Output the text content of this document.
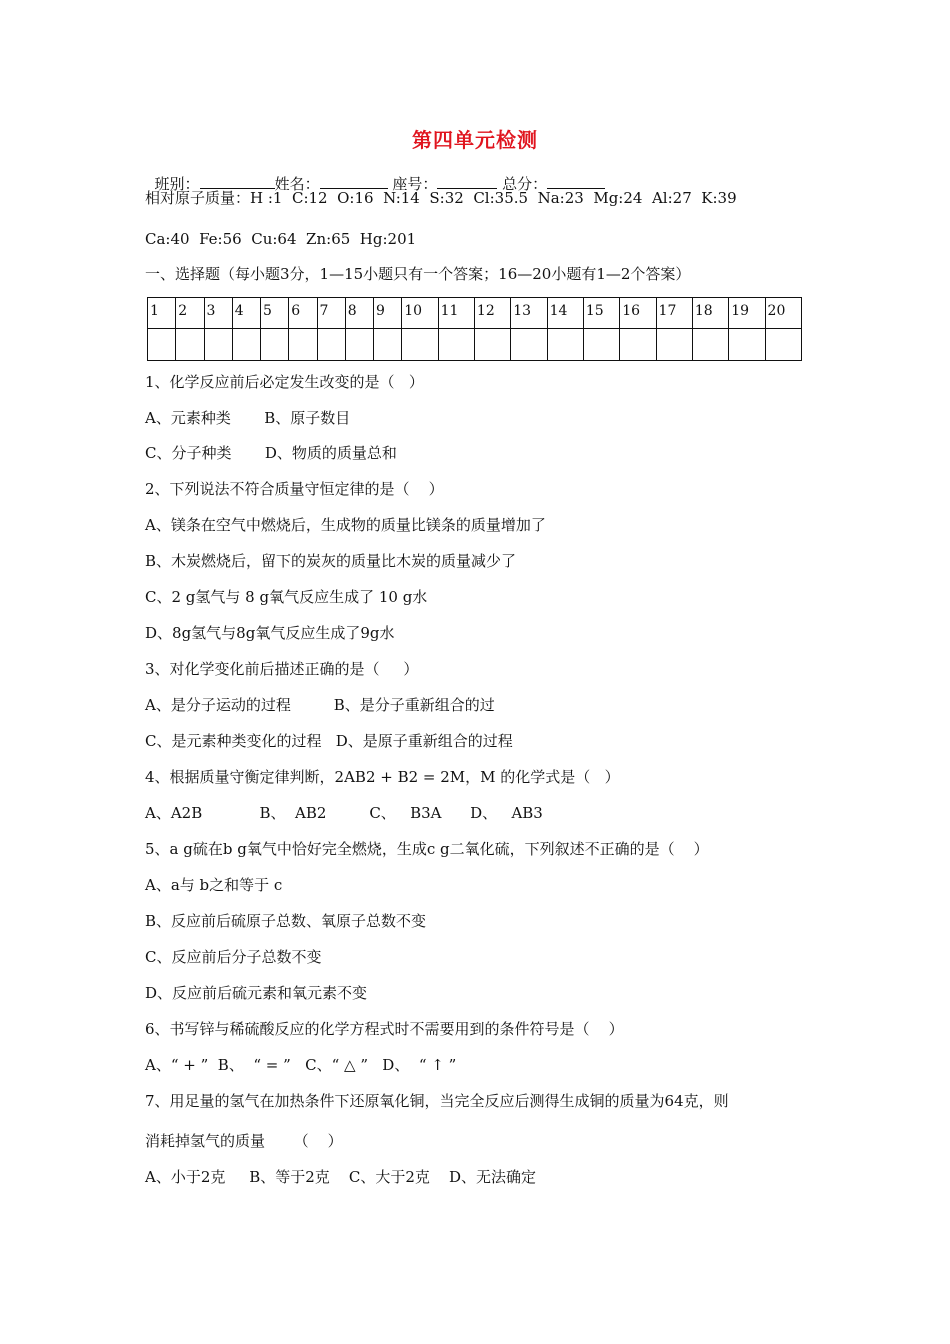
第四单元检测

班别：	姓名：	座号：	总分：

相对原子质量：H :1  C:12  O:16  N:14  S:32  Cl:35.5  Na:23  Mg:24  Al:27  K:39
Ca:40  Fe:56  Cu:64  Zn:65  Hg:201
一、选择题（每小题3分，1—15小题只有一个答案；16—20小题有1—2个答案）
1	2	3	4	5	6	7	8	9	10	11	12	13	14	15	16	17	18	19	20

1、化学反应前后必定发生改变的是（   ）
A、元素种类       B、原子数目
C、分子种类       D、物质的质量总和
2、下列说法不符合质量守恒定律的是（    ）
A、镁条在空气中燃烧后，生成物的质量比镁条的质量增加了
B、木炭燃烧后，留下的炭灰的质量比木炭的质量减少了
C、2 g氢气与 8 g氧气反应生成了 10 g水
D、8g氢气与8g氧气反应生成了9g水
3、对化学变化前后描述正确的是（     ）
A、是分子运动的过程         B、是分子重新组合的过
C、是元素种类变化的过程   D、是原子重新组合的过程
4、根据质量守衡定律判断，2AB2 + B2 = 2M，M 的化学式是（   ）
A、A2B            B、  AB2         C、   B3A      D、   AB3
5、a g硫在b g氧气中恰好完全燃烧，生成c g二氧化硫，下列叙述不正确的是（    ）
A、a与 b之和等于 c
B、反应前后硫原子总数、氧原子总数不变
C、反应前后分子总数不变
D、反应前后硫元素和氧元素不变
6、书写锌与稀硫酸反应的化学方程式时不需要用到的条件符号是（    ）
A、“ + ”  B、  “ = ”   C、“ △ ”   D、  “ ↑ ”
7、用足量的氢气在加热条件下还原氧化铜，当完全反应后测得生成铜的质量为64克，则
消耗掉氢气的质量      （    ）
A、小于2克     B、等于2克    C、大于2克    D、无法确定
